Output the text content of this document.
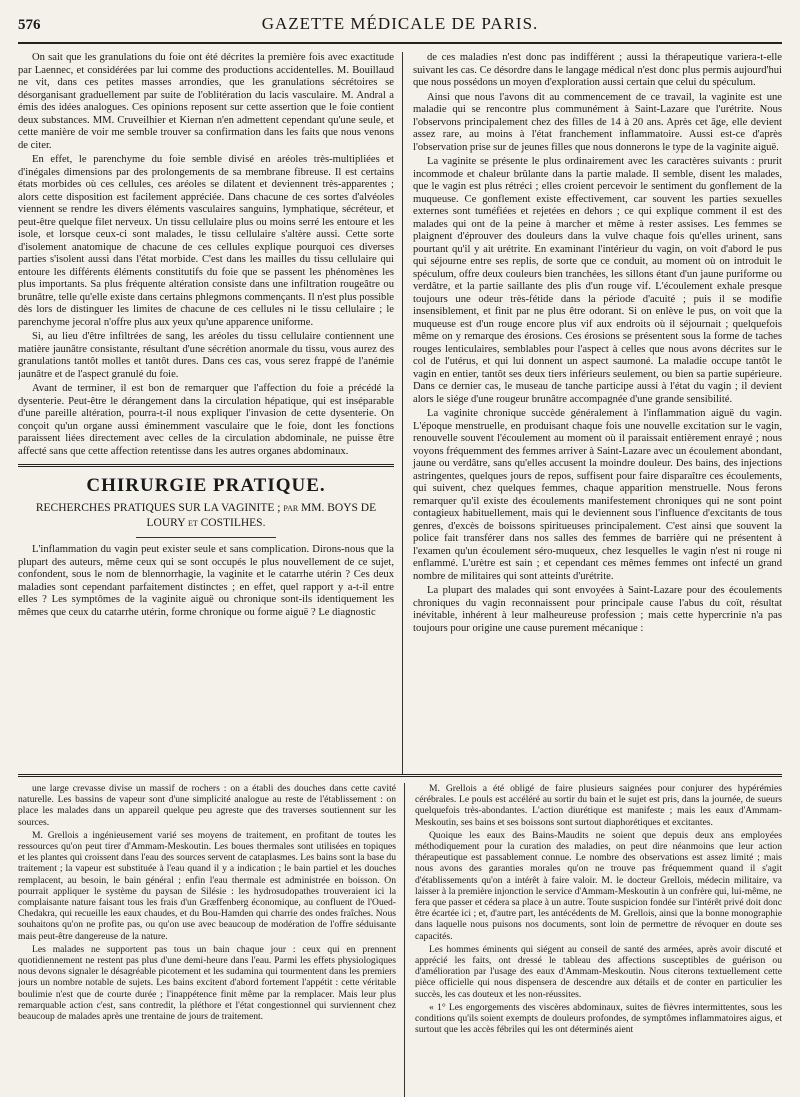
576	GAZETTE MÉDICALE DE PARIS.

On sait que les granulations du foie ont été décrites la première fois avec exactitude par Laennec, et considérées par lui comme des productions accidentelles. M. Bouillaud ne vit, dans ces petites masses arrondies, que les granulations sécrétoires se désorganisant graduellement par suite de l'oblitération du lacis vasculaire. M. Andral a émis des idées analogues. Ces opinions reposent sur cette assertion que le foie contient deux substances. MM. Cruveilhier et Kiernan n'en admettent cependant qu'une seule, et cette manière de voir me semble trouver sa confirmation dans les faits que nous venons de citer.

En effet, le parenchyme du foie semble divisé en aréoles très-multipliées et d'inégales dimensions par des prolongements de sa membrane fibreuse. Il est certains états morbides où ces cellules, ces aréoles se dilatent et deviennent très-apparentes ; alors cette disposition est facilement appréciée. Dans chacune de ces sortes d'alvéoles viennent se rendre les divers éléments vasculaires sanguins, lymphatique, sécréteur, et peut-être quelque filet nerveux. Un tissu cellulaire plus ou moins serré les entoure et les isole, et lorsque ceux-ci sont malades, le tissu cellulaire s'altère aussi. Cette sorte d'isolement anatomique de chacune de ces cellules explique pourquoi ces diverses parties s'isolent aussi dans l'état morbide. C'est dans les mailles du tissu cellulaire qui entoure les différents éléments constitutifs du foie que se passent les phénomènes les plus importants. Sa plus fréquente altération consiste dans une infiltration rougeâtre ou brunâtre, telle qu'elle existe dans certains phlegmons commençants. Il n'est plus possible dès lors de distinguer les limites de chacune de ces cellules ni le tissu cellulaire ; le parenchyme jecoral n'offre plus aux yeux qu'une apparence uniforme.

Si, au lieu d'être infiltrées de sang, les aréoles du tissu cellulaire contiennent une matière jaunâtre consistante, résultant d'une sécrétion anormale du tissu, vous aurez des granulations tantôt molles et tantôt dures. Dans ces cas, vous serez frappé de l'anémie jaunâtre et de l'aspect granulé du foie.

Avant de terminer, il est bon de remarquer que l'affection du foie a précédé la dysenterie. Peut-être le dérangement dans la circulation hépatique, qui est inséparable d'une pareille altération, pourra-t-il nous expliquer l'invasion de cette dysenterie. On conçoit qu'un organe aussi éminemment vasculaire que le foie, dont les fonctions paraissent liées directement avec celles de la circulation abdominale, ne puisse être affecté sans que cette affection retentisse dans les autres organes abdominaux.

CHIRURGIE PRATIQUE.
RECHERCHES PRATIQUES SUR LA VAGINITE ; par MM. BOYS DE LOURY et COSTILHES.

L'inflammation du vagin peut exister seule et sans complication. Dirons-nous que la plupart des auteurs, même ceux qui se sont occupés le plus nouvellement de ce sujet, confondent, sous le nom de blennorrhagie, la vaginite et le catarrhe utérin ? Ces deux maladies sont cependant parfaitement distinctes ; en effet, quel rapport y a-t-il entre elles ? Les symptômes de la vaginite aiguë ou chronique sont-ils identiquement les mêmes que ceux du catarrhe utérin, forme chronique ou forme aiguë ? Le diagnostic

de ces maladies n'est donc pas indifférent ; aussi la thérapeutique variera-t-elle suivant les cas. Ce désordre dans le langage médical n'est donc plus permis aujourd'hui que nous possédons un moyen d'exploration aussi certain que celui du spéculum.

Ainsi que nous l'avons dit au commencement de ce travail, la vaginite est une maladie qui se rencontre plus communément à Saint-Lazare que l'urétrite. Nous l'observons principalement chez des filles de 14 à 20 ans. Après cet âge, elle devient assez rare, au moins à l'état franchement inflammatoire. Aussi est-ce d'après l'observation prise sur de jeunes filles que nous donnerons le type de la vaginite aiguë.

La vaginite se présente le plus ordinairement avec les caractères suivants : prurit incommode et chaleur brûlante dans la partie malade. Il semble, disent les malades, que le vagin est plus rétréci ; elles croient percevoir le sentiment du gonflement de la muqueuse. Ce gonflement existe effectivement, car souvent les parties sexuelles externes sont tuméfiées et rejetées en dehors ; ce qui explique comment il est des malades qui ont de la peine à marcher et même à rester assises. Les femmes se plaignent d'éprouver des douleurs dans la vulve chaque fois qu'elles urinent, sans pourtant qu'il y ait urétrite. En examinant l'intérieur du vagin, on voit d'abord le pus qui séjourne entre ses replis, de sorte que ce conduit, au moment où on introduit le spéculum, offre deux couleurs bien tranchées, les sillons étant d'un jaune puriforme ou verdâtre, et la partie saillante des plis d'un rouge vif. L'écoulement exhale presque toujours une odeur très-fétide dans la période d'acuité ; puis il se modifie insensiblement, et finit par ne plus être odorant. Si on enlève le pus, on voit que la muqueuse est d'un rouge encore plus vif aux endroits où il séjournait ; quelquefois même on y remarque des érosions. Ces érosions se présentent sous la forme de taches rouges lenticulaires, semblables pour l'aspect à celles que nous avons décrites sur le col de l'utérus, et qui lui donnent un aspect saumoné. La maladie occupe tantôt le vagin en entier, tantôt ses deux tiers inférieurs seulement, ou bien sa partie supérieure. Dans ce dernier cas, le museau de tanche participe aussi à l'état du vagin ; il devient alors le siége d'une rougeur brunâtre accompagnée d'une grande sensibilité.

La vaginite chronique succède généralement à l'inflammation aiguë du vagin. L'époque menstruelle, en produisant chaque fois une nouvelle excitation sur le vagin, renouvelle souvent l'écoulement au moment où il paraissait entièrement enrayé ; nous voyons fréquemment des femmes arriver à Saint-Lazare avec un écoulement abondant, jaune ou verdâtre, sans qu'elles accusent la moindre douleur. Des bains, des injections astringentes, quelques jours de repos, suffisent pour faire disparaître ces écoulements, qui suivent, chez quelques femmes, chaque apparition menstruelle. Nous ferons remarquer qu'il existe des écoulements manifestement chroniques qui ne sont point contagieux habituellement, mais qui le deviennent sous l'influence d'excitants de tous genres, d'excès de boissons spiritueuses principalement. C'est ainsi que souvent la police fait transférer dans nos salles des femmes de barrière qui ne présentent à l'examen qu'un écoulement séro-muqueux, chez lesquelles le vagin n'est ni rouge ni enflammé. L'urètre est sain ; et cependant ces mêmes femmes ont infecté un grand nombre de militaires qui sont atteints d'urétrite.

La plupart des malades qui sont envoyées à Saint-Lazare pour des écoulements chroniques du vagin reconnaissent pour principale cause l'abus du coït, résultat inévitable, inhérent à leur malheureuse profession ; mais cette hypercrinie n'a pas toujours pour origine une cause purement mécanique :

une large crevasse divise un massif de rochers : on a établi des douches dans cette cavité naturelle. Les bassins de vapeur sont d'une simplicité analogue au reste de l'établissement : on place les malades dans un appareil quelque peu agreste que des traverses soutiennent sur les sources.

M. Grellois a ingénieusement varié ses moyens de traitement, en profitant de toutes les ressources qu'on peut tirer d'Ammam-Meskoutin. Les boues thermales sont utilisées en topiques et les plantes qui croissent dans l'eau des sources servent de cataplasmes. Les bains sont la base du traitement ; la vapeur est substituée à l'eau quand il y a indication ; le bain partiel et les douches remplacent, au besoin, le bain général ; enfin l'eau thermale est administrée en boisson. On pourrait appliquer le système du paysan de Silésie : les hydrosudopathes trouveraient ici la complaisante nature faisant tous les frais d'un Græffenberg économique, au confluent de l'Oued-Chedakra, qui recueille les eaux chaudes, et du Bou-Hamden qui charrie des ondes fraîches. Nous souhaitons qu'on ne profite pas, ou qu'on use avec beaucoup de modération de l'offre séduisante mais peut-être dangereuse de la nature.

Les malades ne supportent pas tous un bain chaque jour : ceux qui en prennent quotidiennement ne restent pas plus d'une demi-heure dans l'eau. Parmi les effets physiologiques nous devons signaler le désagréable picotement et les sudamina qui tourmentent dans les premiers jours un nombre notable de sujets. Les bains excitent d'abord fortement l'appétit : cette véritable boulimie n'est que de courte durée ; l'inappétence finit même par la remplacer. Mais leur plus remarquable action c'est, sans contredit, la pléthore et l'état congestionnel qui surviennent chez beaucoup de malades après une trentaine de jours de traitement.

M. Grellois a été obligé de faire plusieurs saignées pour conjurer des hypérémies cérébrales. Le pouls est accéléré au sortir du bain et le sujet est pris, dans la journée, de sueurs quelquefois très-abondantes. L'action diurétique est manifeste ; mais les eaux d'Ammam-Meskoutin, ses bains et ses boissons sont surtout diaphorétiques et excitantes.

Quoique les eaux des Bains-Maudits ne soient que depuis deux ans employées méthodiquement pour la curation des maladies, on peut dire néanmoins que leur action thérapeutique est passablement connue. Le nombre des observations est assez limité ; mais nous avons des garanties morales qu'on ne trouve pas fréquemment quand il s'agit d'établissements qu'on a intérêt à faire valoir. M. le docteur Grellois, médecin militaire, va laisser à la première injonction le service d'Ammam-Meskoutin à un confrère qui, lui-même, ne fera que passer et cédera sa place à un autre. Toute suspicion fondée sur l'intérêt privé doit donc être écartée ici ; et, d'autre part, les antécédents de M. Grellois, ainsi que la bonne monographie dans laquelle nous puisons nos documents, sont loin de permettre de révoquer en doute ses capacités.

Les hommes éminents qui siégent au conseil de santé des armées, après avoir discuté et apprécié les faits, ont dressé le tableau des affections susceptibles de guérison ou d'amélioration par l'usage des eaux d'Ammam-Meskoutin. Nous citerons textuellement cette pièce officielle qui nous dispensera de descendre aux détails et de conter en particulier les succès, les cas douteux et les non-réussites.

« 1° Les engorgements des viscères abdominaux, suites de fièvres intermittentes, sous les conditions qu'ils soient exempts de douleurs profondes, de symptômes inflammatoires aigus, et surtout que les accès fébriles qui les ont déterminés aient
